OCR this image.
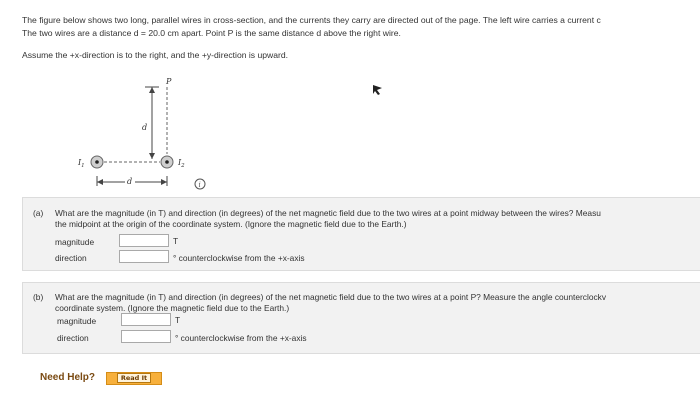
The figure below shows two long, parallel wires in cross-section, and the currents they carry are directed out of the page. The left wire carries a current c

The two wires are a distance d = 20.0 cm apart. Point P is the same distance d above the right wire.

Assume the +x-direction is to the right, and the +y-direction is upward.
P
d
$I_1$	$I_2$
d	i
(a) What are the magnitude (in T) and direction (in degrees) of the net magnetic field due to the two wires at a point midway between the wires? Measu
the midpoint at the origin of the coordinate system. (Ignore the magnetic field due to the Earth.)
magnitude	T
direction	° counterclockwise from the +x-axis
(b) What are the magnitude (in T) and direction (in degrees) of the net magnetic field due to the two wires at a point P? Measure the angle counterclockv
coordinate system. (Ignore the magnetic field due to the Earth.)
magnitude	T
direction	° counterclockwise from the +x-axis
Need Help?	Read It
